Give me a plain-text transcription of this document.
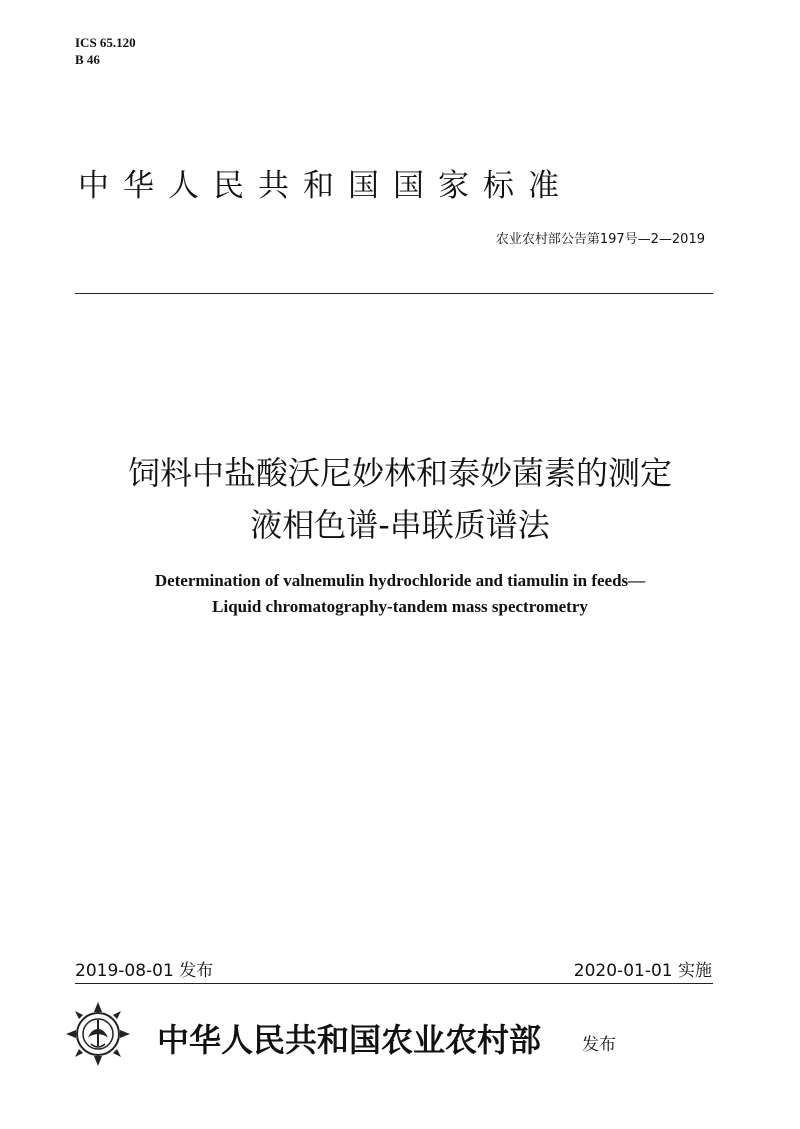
ICS 65.120
B 46
中华人民共和国国家标准
农业农村部公告第197号—2—2019
饲料中盐酸沃尼妙林和泰妙菌素的测定
液相色谱-串联质谱法
Determination of valnemulin hydrochloride and tiamulin in feeds—
Liquid chromatography-tandem mass spectrometry
2019-08-01 发布	2020-01-01 实施
中华人民共和国农业农村部 发布
